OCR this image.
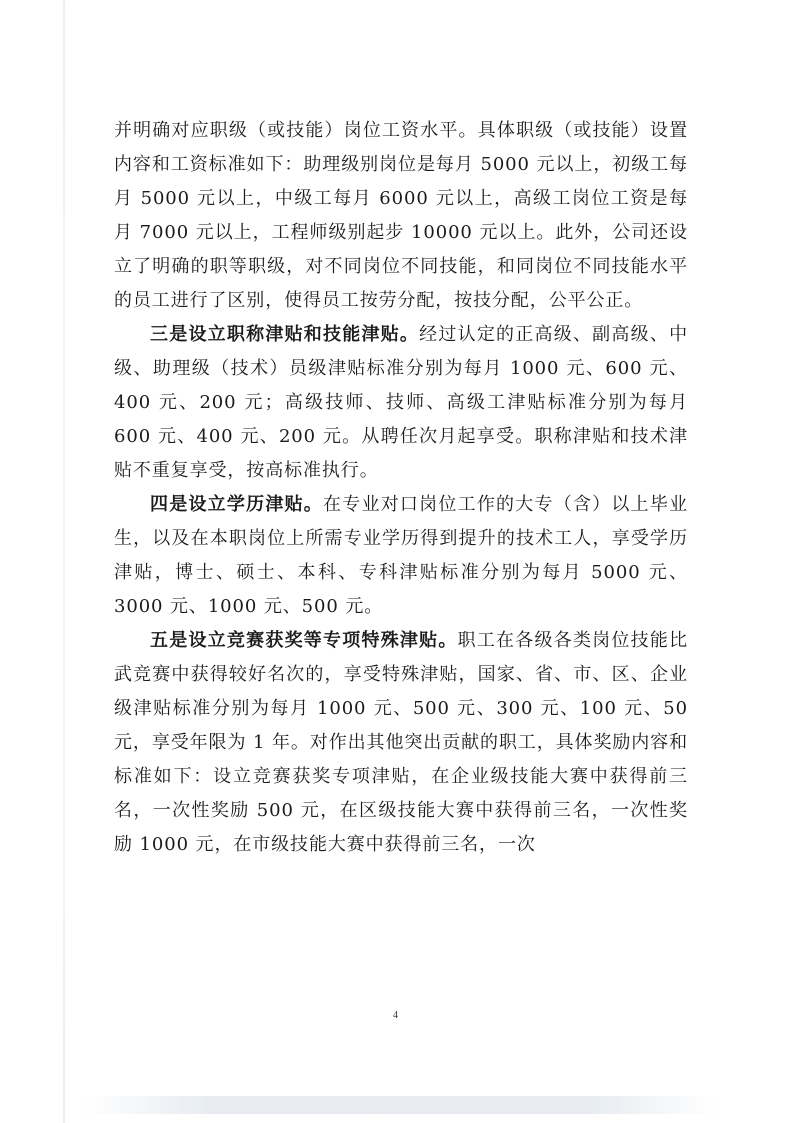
并明确对应职级（或技能）岗位工资水平。具体职级（或技能）设置内容和工资标准如下：助理级别岗位是每月 5000 元以上，初级工每月 5000 元以上，中级工每月 6000 元以上，高级工岗位工资是每月 7000 元以上，工程师级别起步 10000 元以上。此外，公司还设立了明确的职等职级，对不同岗位不同技能，和同岗位不同技能水平的员工进行了区别，使得员工按劳分配，按技分配，公平公正。

三是设立职称津贴和技能津贴。经过认定的正高级、副高级、中级、助理级（技术）员级津贴标准分别为每月 1000 元、600 元、400 元、200 元；高级技师、技师、高级工津贴标准分别为每月 600 元、400 元、200 元。从聘任次月起享受。职称津贴和技术津贴不重复享受，按高标准执行。

四是设立学历津贴。在专业对口岗位工作的大专（含）以上毕业生，以及在本职岗位上所需专业学历得到提升的技术工人，享受学历津贴，博士、硕士、本科、专科津贴标准分别为每月 5000 元、3000 元、1000 元、500 元。

五是设立竞赛获奖等专项特殊津贴。职工在各级各类岗位技能比武竞赛中获得较好名次的，享受特殊津贴，国家、省、市、区、企业级津贴标准分别为每月 1000 元、500 元、300 元、100 元、50 元，享受年限为 1 年。对作出其他突出贡献的职工，具体奖励内容和标准如下：设立竞赛获奖专项津贴，在企业级技能大赛中获得前三名，一次性奖励 500 元，在区级技能大赛中获得前三名，一次性奖励 1000 元，在市级技能大赛中获得前三名，一次

4
